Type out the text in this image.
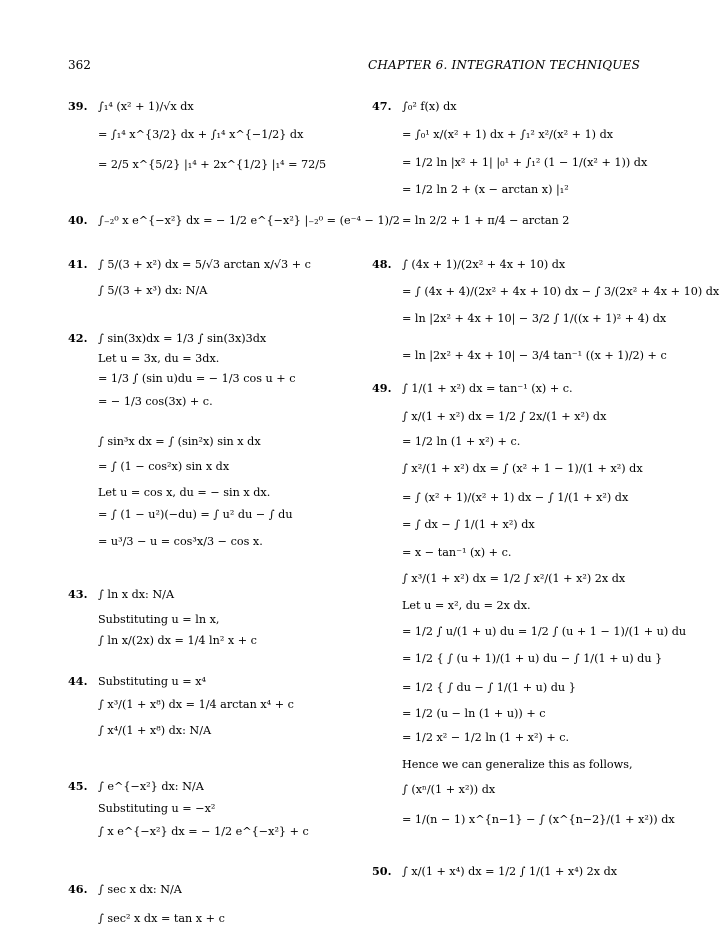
362	CHAPTER 6. INTEGRATION TECHNIQUES
39. ∫₁⁴ (x² + 1)/√x dx
= ∫₁⁴ x^{3/2} dx + ∫₁⁴ x^{−1/2} dx
= 2/5 x^{5/2} |₁⁴ + 2x^{1/2} |₁⁴ = 72/5
40. ∫₋₂⁰ x e^{−x²} dx = − 1/2 e^{−x²} |₋₂⁰ = (e⁻⁴ − 1)/2
41. ∫ 5/(3 + x²) dx = 5/√3 arctan x/√3 + c
∫ 5/(3 + x³) dx: N/A
42. ∫ sin(3x)dx = 1/3 ∫ sin(3x)3dx
Let u = 3x, du = 3dx.
= 1/3 ∫ (sin u)du = − 1/3 cos u + c
= − 1/3 cos(3x) + c.
∫ sin³x dx = ∫ (sin²x) sin x dx
= ∫ (1 − cos²x) sin x dx
Let u = cos x, du = − sin x dx.
= ∫ (1 − u²)(−du) = ∫ u² du − ∫ du
= u³/3 − u = cos³x/3 − cos x.
43. ∫ ln x dx: N/A
Substituting u = ln x,
∫ ln x/(2x) dx = 1/4 ln² x + c
44. Substituting u = x⁴
∫ x³/(1 + x⁸) dx = 1/4 arctan x⁴ + c
∫ x⁴/(1 + x⁸) dx: N/A
45. ∫ e^{−x²} dx: N/A
Substituting u = −x²
∫ x e^{−x²} dx = − 1/2 e^{−x²} + c
46. ∫ sec x dx: N/A
∫ sec² x dx = tan x + c
47. ∫₀² f(x) dx
= ∫₀¹ x/(x² + 1) dx + ∫₁² x²/(x² + 1) dx
= 1/2 ln |x² + 1| |₀¹ + ∫₁² (1 − 1/(x² + 1)) dx
= 1/2 ln 2 + (x − arctan x) |₁²
= ln 2/2 + 1 + π/4 − arctan 2
48. ∫ (4x + 1)/(2x² + 4x + 10) dx
= ∫ (4x + 4)/(2x² + 4x + 10) dx − ∫ 3/(2x² + 4x + 10) dx
= ln |2x² + 4x + 10| − 3/2 ∫ 1/((x + 1)² + 4) dx
= ln |2x² + 4x + 10| − 3/4 tan⁻¹ ((x + 1)/2) + c
49. ∫ 1/(1 + x²) dx = tan⁻¹ (x) + c.
∫ x/(1 + x²) dx = 1/2 ∫ 2x/(1 + x²) dx
= 1/2 ln (1 + x²) + c.
∫ x²/(1 + x²) dx = ∫ (x² + 1 − 1)/(1 + x²) dx
= ∫ (x² + 1)/(x² + 1) dx − ∫ 1/(1 + x²) dx
= ∫ dx − ∫ 1/(1 + x²) dx
= x − tan⁻¹ (x) + c.
∫ x³/(1 + x²) dx = 1/2 ∫ x²/(1 + x²) 2x dx
Let u = x², du = 2x dx.
= 1/2 ∫ u/(1 + u) du = 1/2 ∫ (u + 1 − 1)/(1 + u) du
= 1/2 { ∫ (u + 1)/(1 + u) du − ∫ 1/(1 + u) du }
= 1/2 { ∫ du − ∫ 1/(1 + u) du }
= 1/2 (u − ln (1 + u)) + c
= 1/2 x² − 1/2 ln (1 + x²) + c.
Hence we can generalize this as follows,
∫ (xⁿ/(1 + x²)) dx
= 1/(n − 1) x^{n−1} − ∫ (x^{n−2}/(1 + x²)) dx
50. ∫ x/(1 + x⁴) dx = 1/2 ∫ 1/(1 + x⁴) 2x dx
